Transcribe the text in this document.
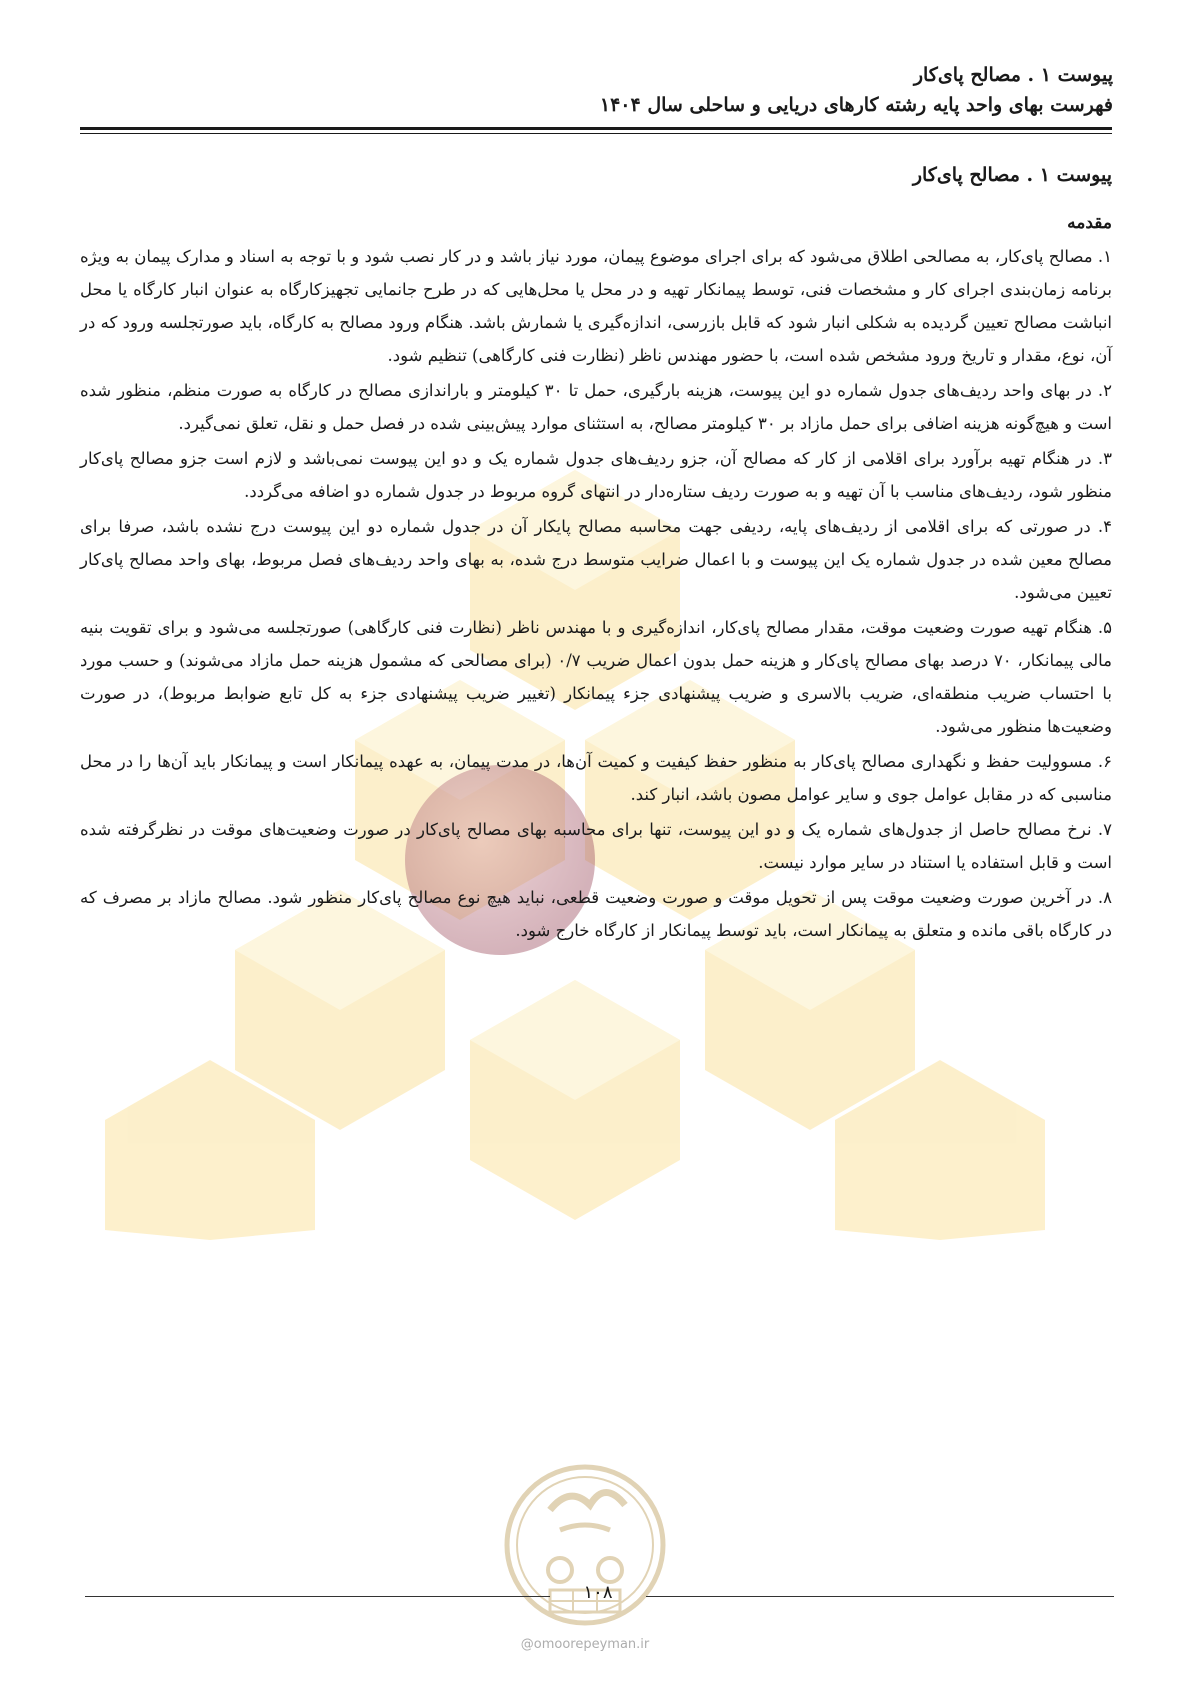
پیوست ۱ . مصالح پای‌کار
فهرست بهای واحد پایه رشته کارهای دریایی و ساحلی سال ۱۴۰۴
پیوست ۱ . مصالح پای‌کار
مقدمه

۱. مصالح پای‌کار، به مصالحی اطلاق می‌شود که برای اجرای موضوع پیمان، مورد نیاز باشد و در کار نصب شود و با توجه به اسناد و مدارک پیمان به ویژه برنامه زمان‌بندی اجرای کار و مشخصات فنی، توسط پیمانکار تهیه و در محل یا محل‌هایی که در طرح جانمایی تجهیزکارگاه به عنوان انبار کارگاه یا محل انباشت مصالح تعیین گردیده به شکلی انبار شود که قابل بازرسی، اندازه‌گیری یا شمارش باشد. هنگام ورود مصالح به کارگاه، باید صورتجلسه ورود که در آن، نوع، مقدار و تاریخ ورود مشخص شده است، با حضور مهندس ناظر (نظارت فنی کارگاهی) تنظیم شود.

۲. در بهای واحد ردیف‌های جدول شماره دو این پیوست، هزینه بارگیری، حمل تا ۳۰ کیلومتر و باراندازی مصالح در کارگاه به صورت منظم، منظور شده است و هیچ‌گونه هزینه اضافی برای حمل مازاد بر ۳۰ کیلومتر مصالح، به استثنای موارد پیش‌بینی شده در فصل حمل و نقل، تعلق نمی‌گیرد.

۳. در هنگام تهیه برآورد برای اقلامی از کار که مصالح آن، جزو ردیف‌های جدول شماره یک و دو این پیوست نمی‌باشد و لازم است جزو مصالح پای‌کار منظور شود، ردیف‌های مناسب با آن تهیه و به صورت ردیف ستاره‌دار در انتهای گروه مربوط در جدول شماره دو اضافه می‌گردد.

۴. در صورتی که برای اقلامی از ردیف‌های پایه، ردیفی جهت محاسبه مصالح پایکار آن در جدول شماره دو این پیوست درج نشده باشد، صرفا برای مصالح معین شده در جدول شماره یک این پیوست و با اعمال ضرایب متوسط درج شده، به بهای واحد ردیف‌های فصل مربوط، بهای واحد مصالح پای‌کار تعیین می‌شود.

۵. هنگام تهیه صورت وضعیت موقت، مقدار مصالح پای‌کار، اندازه‌گیری و با مهندس ناظر (نظارت فنی کارگاهی) صورتجلسه می‌شود و برای تقویت بنیه مالی پیمانکار، ۷۰ درصد بهای مصالح پای‌کار و هزینه حمل بدون اعمال ضریب ۰/۷ (برای مصالحی که مشمول هزینه حمل مازاد می‌شوند) و حسب مورد با احتساب ضریب منطقه‌ای، ضریب بالاسری و ضریب پیشنهادی جزء پیمانکار (تغییر ضریب پیشنهادی جزء به کل تابع ضوابط مربوط)، در صورت وضعیت‌ها منظور می‌شود.

۶. مسوولیت حفظ و نگهداری مصالح پای‌کار به منظور حفظ کیفیت و کمیت آن‌ها، در مدت پیمان، به عهده پیمانکار است و پیمانکار باید آن‌ها را در محل مناسبی که در مقابل عوامل جوی و سایر عوامل مصون باشد، انبار کند.

۷. نرخ مصالح حاصل از جدول‌های شماره یک و دو این پیوست، تنها برای محاسبه بهای مصالح پای‌کار در صورت وضعیت‌های موقت در نظرگرفته شده است و قابل استفاده یا استناد در سایر موارد نیست.

۸. در آخرین صورت وضعیت موقت پس از تحویل موقت و صورت وضعیت قطعی، نباید هیچ نوع مصالح پای‌کار منظور شود. مصالح مازاد بر مصرف که در کارگاه باقی مانده و متعلق به پیمانکار است، باید توسط پیمانکار از کارگاه خارج شود.

@omoorepeyman.ir
۱۰۸
